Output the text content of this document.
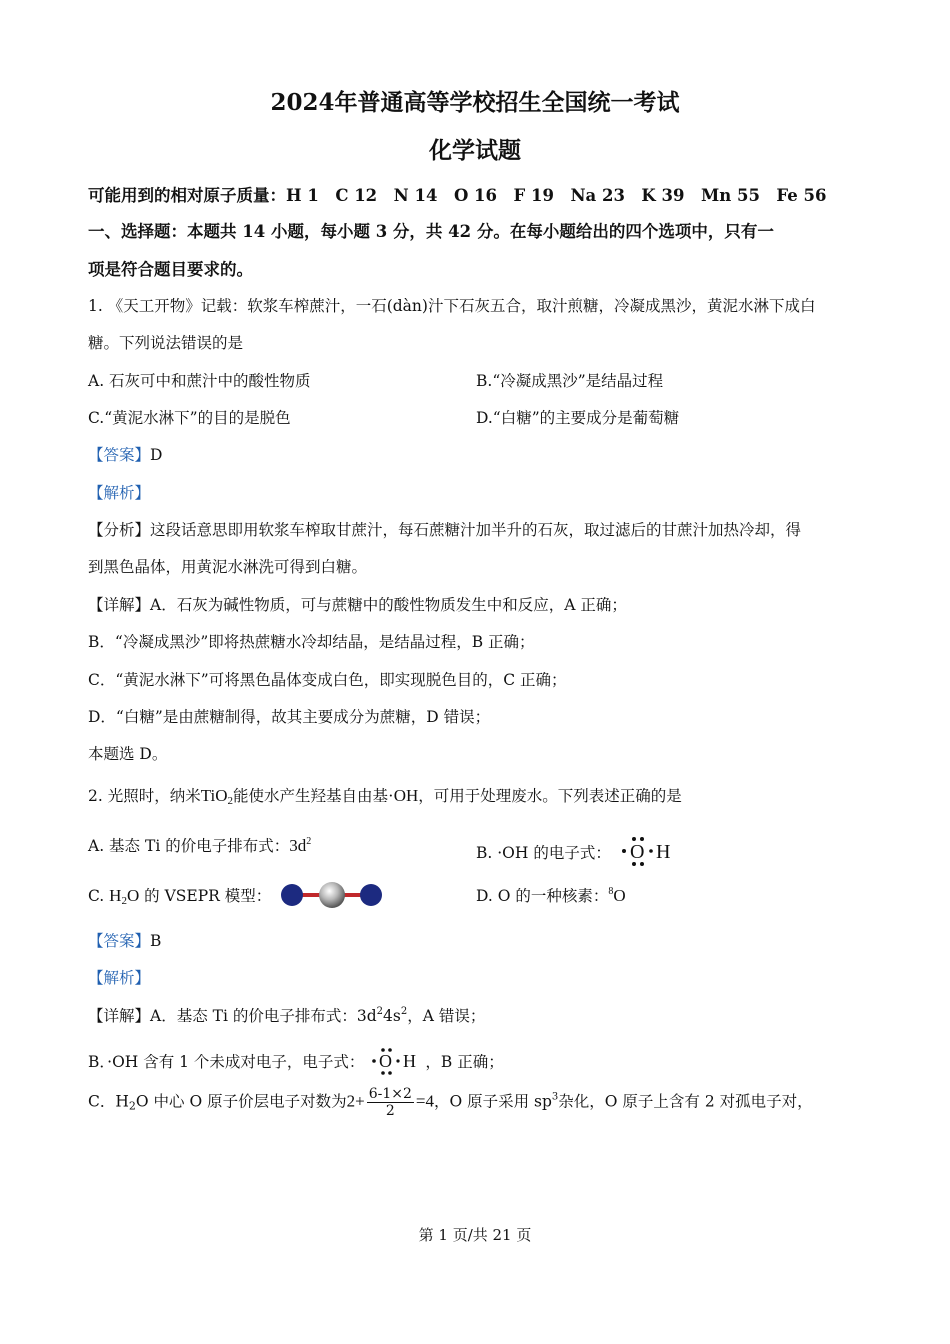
2024年普通高等学校招生全国统一考试
化学试题
可能用到的相对原子质量：H 1　C 12　N 14　O 16　F 19　Na 23　K 39　Mn 55　Fe 56
一、选择题：本题共 14 小题，每小题 3 分，共 42 分。在每小题给出的四个选项中，只有一
项是符合题目要求的。
1. 《天工开物》记载：软浆车榨蔗汁，一石(dàn)汁下石灰五合，取汁煎糖，冷凝成黑沙，黄泥水淋下成白
糖。下列说法错误的是
A. 石灰可中和蔗汁中的酸性物质	B.“冷凝成黑沙”是结晶过程
C.“黄泥水淋下”的目的是脱色	D.“白糖”的主要成分是葡萄糖
【答案】D
【解析】
【分析】这段话意思即用软浆车榨取甘蔗汁，每石蔗糖汁加半升的石灰，取过滤后的甘蔗汁加热冷却，得
到黑色晶体，用黄泥水淋洗可得到白糖。
【详解】A．石灰为碱性物质，可与蔗糖中的酸性物质发生中和反应，A 正确；
B．“冷凝成黑沙”即将热蔗糖水冷却结晶，是结晶过程，B 正确；
C．“黄泥水淋下”可将黑色晶体变成白色，即实现脱色目的，C 正确；
D．“白糖”是由蔗糖制得，故其主要成分为蔗糖，D 错误；
本题选 D。
2. 光照时，纳米TiO$_2$能使水产生羟基自由基·OH，可用于处理废水。下列表述正确的是
A. 基态 Ti 的价电子排布式：$3d^2$
B. ·OH 的电子式： O H
C. $H_2O$ 的 VSEPR 模型：	D. O 的一种核素：$^8$O
【答案】B
【解析】
【详解】A．基态 Ti 的价电子排布式：$3d^24s^2$，A 错误；
B．·OH 含有 1 个未成对电子，电子式： O H ，B 正确；
C．$H_2O$ 中心 O 原子价层电子对数为$2+ \frac{6-1\times 2}{2} =4$，O 原子采用 $sp^3$杂化，O 原子上含有 2 对孤电子对，
第 1 页/共 21 页
